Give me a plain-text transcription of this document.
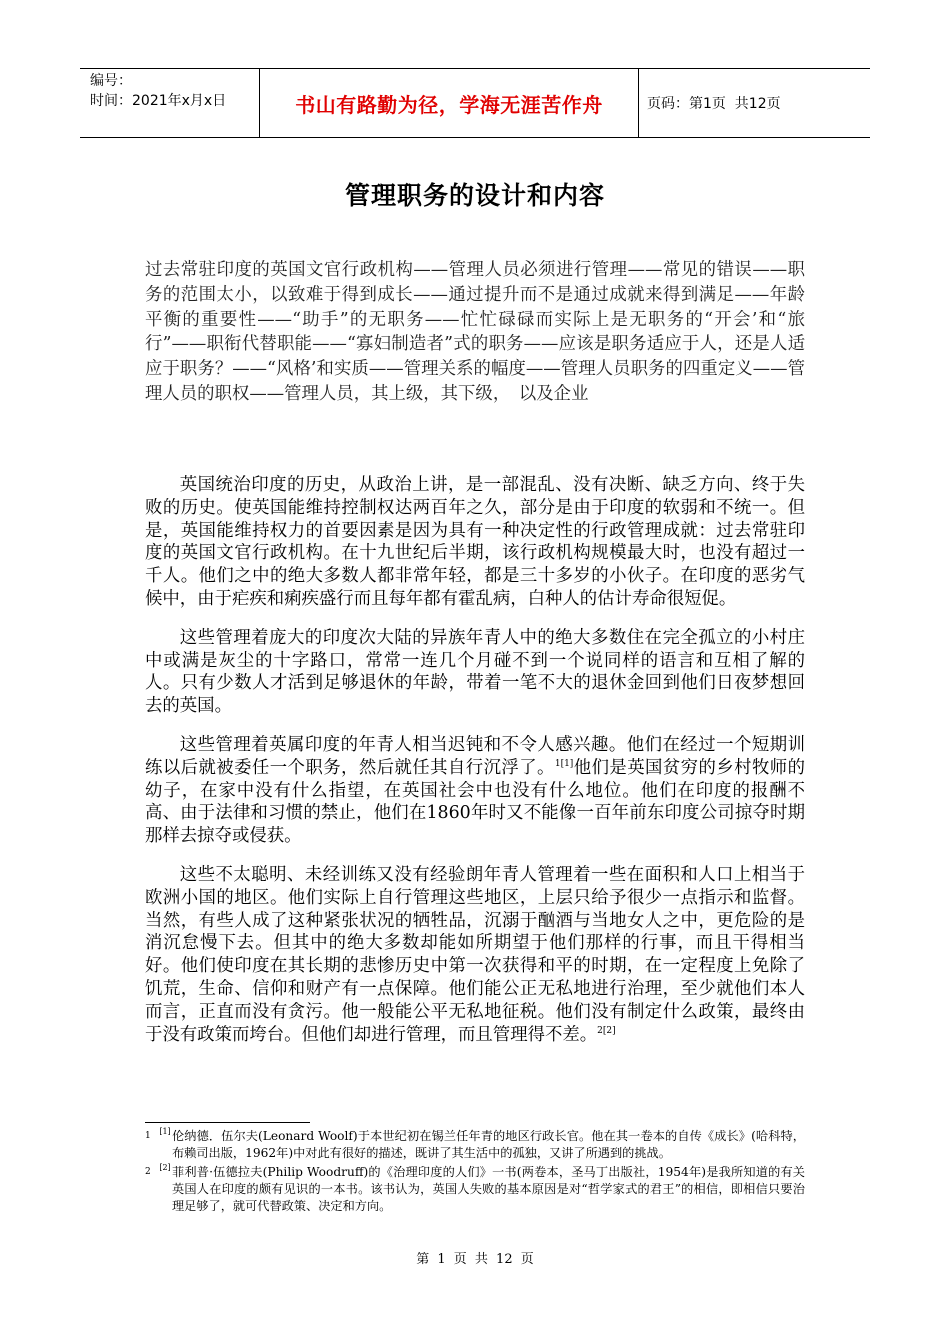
编号：
时间：2021年x月x日	书山有路勤为径，学海无涯苦作舟	页码：第1页  共12页
管理职务的设计和内容
过去常驻印度的英国文官行政机构——管理人员必须进行管理——常见的错误——职务的范围太小，以致难于得到成长——通过提升而不是通过成就来得到满足——年龄平衡的重要性——“助手”的无职务——忙忙碌碌而实际上是无职务的“开会’和“旅行”——职衔代替职能——“寡妇制造者”式的职务——应该是职务适应于人，还是人适应于职务？——“风格’和实质——管理关系的幅度——管理人员职务的四重定义——管理人员的职权——管理人员，其上级，其下级，　以及企业

英国统治印度的历史，从政治上讲，是一部混乱、没有决断、缺乏方向、终于失败的历史。使英国能维持控制权达两百年之久，部分是由于印度的软弱和不统一。但是，英国能维持权力的首要因素是因为具有一种决定性的行政管理成就：过去常驻印度的英国文官行政机构。在十九世纪后半期，该行政机构规模最大时，也没有超过一千人。他们之中的绝大多数人都非常年轻，都是三十多岁的小伙子。在印度的恶劣气候中，由于疟疾和痢疾盛行而且每年都有霍乱病，白种人的估计寿命很短促。

这些管理着庞大的印度次大陆的异族年青人中的绝大多数住在完全孤立的小村庄中或满是灰尘的十字路口，常常一连几个月碰不到一个说同样的语言和互相了解的人。只有少数人才活到足够退休的年龄，带着一笔不大的退休金回到他们日夜梦想回去的英国。

这些管理着英属印度的年青人相当迟钝和不令人感兴趣。他们在经过一个短期训练以后就被委任一个职务，然后就任其自行沉浮了。$^{1[1]}$他们是英国贫穷的乡村牧师的幼子，在家中没有什么指望，在英国社会中也没有什么地位。他们在印度的报酬不高、由于法律和习惯的禁止，他们在1860年时又不能像一百年前东印度公司掠夺时期那样去掠夺或侵获。

这些不太聪明、未经训练又没有经验朗年青人管理着一些在面积和人口上相当于欧洲小国的地区。他们实际上自行管理这些地区，上层只给予很少一点指示和监督。当然，有些人成了这种紧张状况的牺牲品，沉溺于酗酒与当地女人之中，更危险的是消沉怠慢下去。但其中的绝大多数却能如所期望于他们那样的行事，而且干得相当好。他们使印度在其长期的悲惨历史中第一次获得和平的时期，在一定程度上免除了饥荒，生命、信仰和财产有一点保障。他们能公正无私地进行治理，至少就他们本人而言，正直而没有贪污。他一般能公平无私地征税。他们没有制定什么政策，最终由于没有政策而垮台。但他们却进行管理，而且管理得不差。$^{2[2]}$

1 [1] 伦纳德．伍尔夫(Leonard Woolf)于本世纪初在锡兰任年青的地区行政长官。他在其一卷本的自传《成长》(哈科特，布赖司出版，1962年)中对此有很好的描述，既讲了其生活中的孤独，又讲了所遇到的挑战。
2 [2] 菲利普·伍德拉夫(Philip Woodruff)的《治理印度的人们》一书(两卷本，圣马丁出版社，1954年)是我所知道的有关英国人在印度的颇有见识的一本书。该书认为，英国人失败的基本原因是对“哲学家式的君王”的相信，即相信只要治理足够了，就可代替政策、决定和方向。
第 1 页 共 12 页
